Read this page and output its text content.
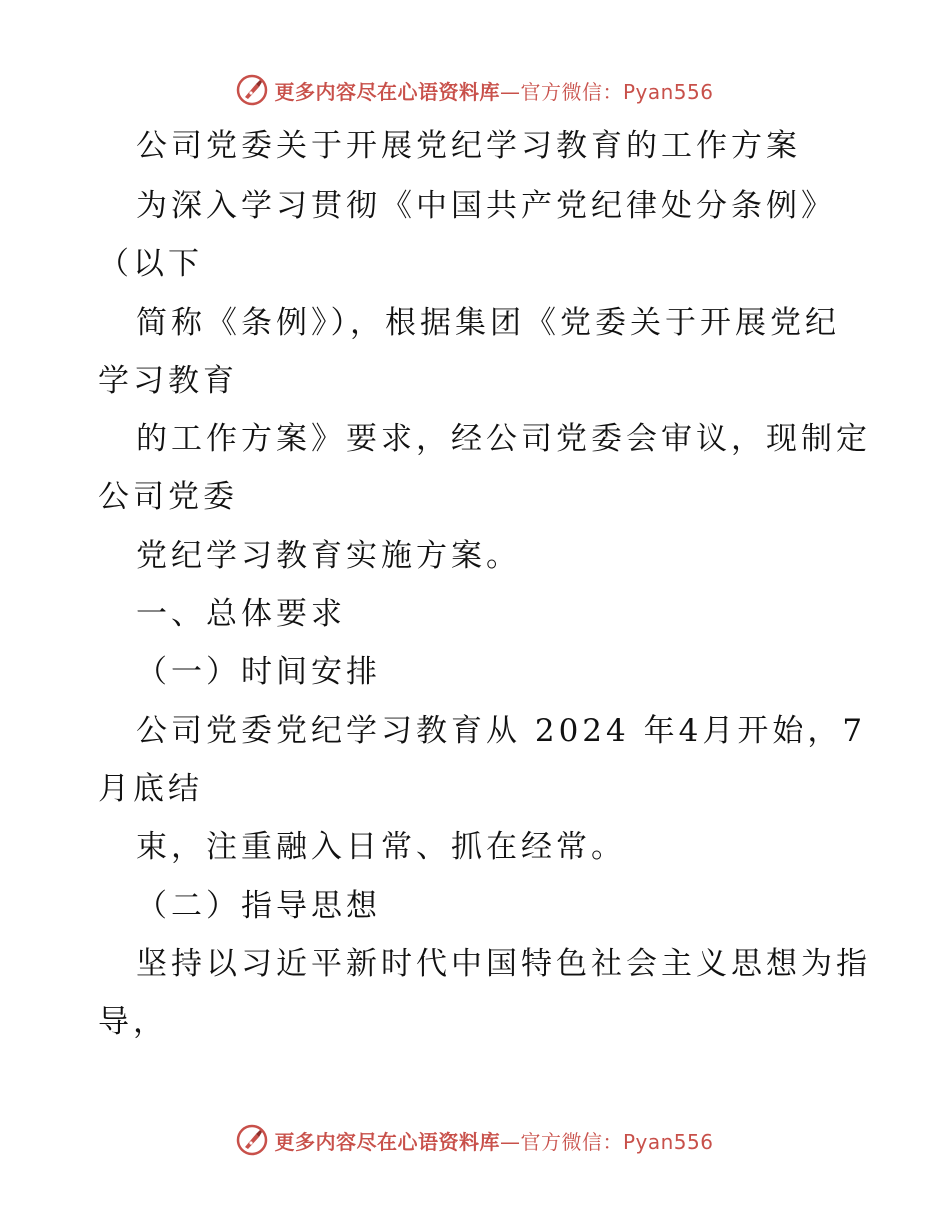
更多内容尽在心语资料库—官方微信：Pyan556
公司党委关于开展党纪学习教育的工作方案
为深入学习贯彻《中国共产党纪律处分条例》
（以下
简称《条例》），根据集团《党委关于开展党纪
学习教育
的工作方案》要求，经公司党委会审议，现制定
公司党委
党纪学习教育实施方案。
一、总体要求
（一）时间安排
公司党委党纪学习教育从 2024 年4月开始，7
月底结
束，注重融入日常、抓在经常。
（二）指导思想
坚持以习近平新时代中国特色社会主义思想为指
导，
更多内容尽在心语资料库—官方微信：Pyan556
